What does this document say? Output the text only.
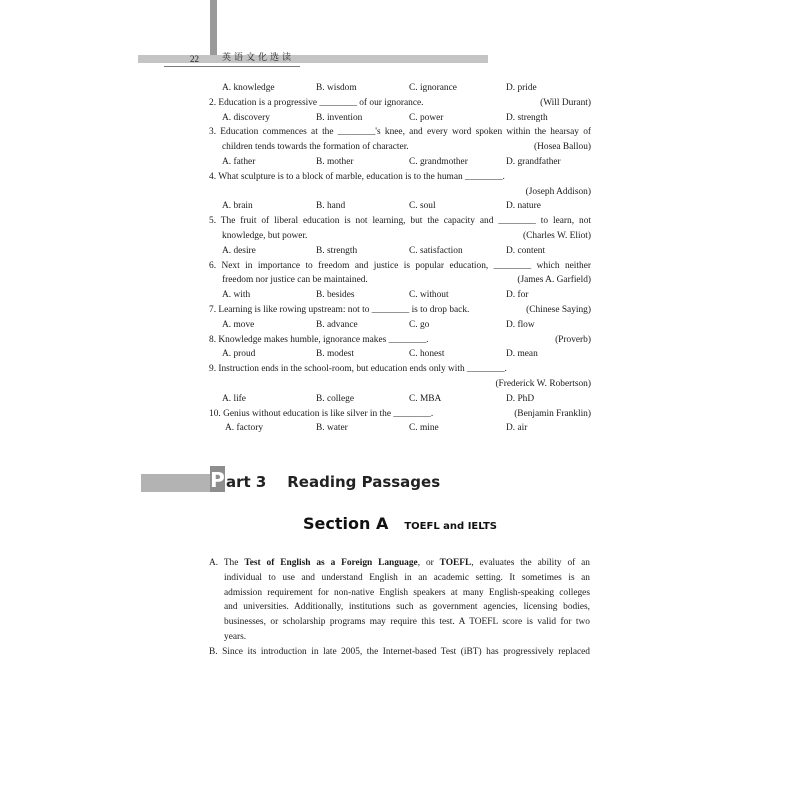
22	英语文化选读
A. knowledge	B. wisdom	C. ignorance	D. pride
2. Education is a progressive ________ of our ignorance.	(Will Durant)
A. discovery	B. invention	C. power	D. strength
3. Education commences at the ________'s knee, and every word spoken within the hearsay of
children tends towards the formation of character.	(Hosea Ballou)
A. father	B. mother	C. grandmother	D. grandfather
4. What sculpture is to a block of marble, education is to the human ________.
(Joseph Addison)
A. brain	B. hand	C. soul	D. nature
5. The fruit of liberal education is not learning, but the capacity and ________ to learn, not
knowledge, but power.	(Charles W. Eliot)
A. desire	B. strength	C. satisfaction	D. content
6. Next in importance to freedom and justice is popular education, ________ which neither
freedom nor justice can be maintained.	(James A. Garfield)
A. with	B. besides	C. without	D. for
7. Learning is like rowing upstream: not to ________ is to drop back.	(Chinese Saying)
A. move	B. advance	C. go	D. flow
8. Knowledge makes humble, ignorance makes ________.	(Proverb)
A. proud	B. modest	C. honest	D. mean
9. Instruction ends in the school-room, but education ends only with ________.
(Frederick W. Robertson)
A. life	B. college	C. MBA	D. PhD
10. Genius without education is like silver in the ________.	(Benjamin Franklin)
A. factory	B. water	C. mine	D. air
P art 3    Reading Passages
Section A TOEFL and IELTS
A. The Test of English as a Foreign Language, or TOEFL, evaluates the ability of an
individual to use and understand English in an academic setting. It sometimes is an
admission requirement for non-native English speakers at many English-speaking colleges
and universities. Additionally, institutions such as government agencies, licensing bodies,
businesses, or scholarship programs may require this test. A TOEFL score is valid for two
years.
B. Since its introduction in late 2005, the Internet-based Test (iBT) has progressively replaced
